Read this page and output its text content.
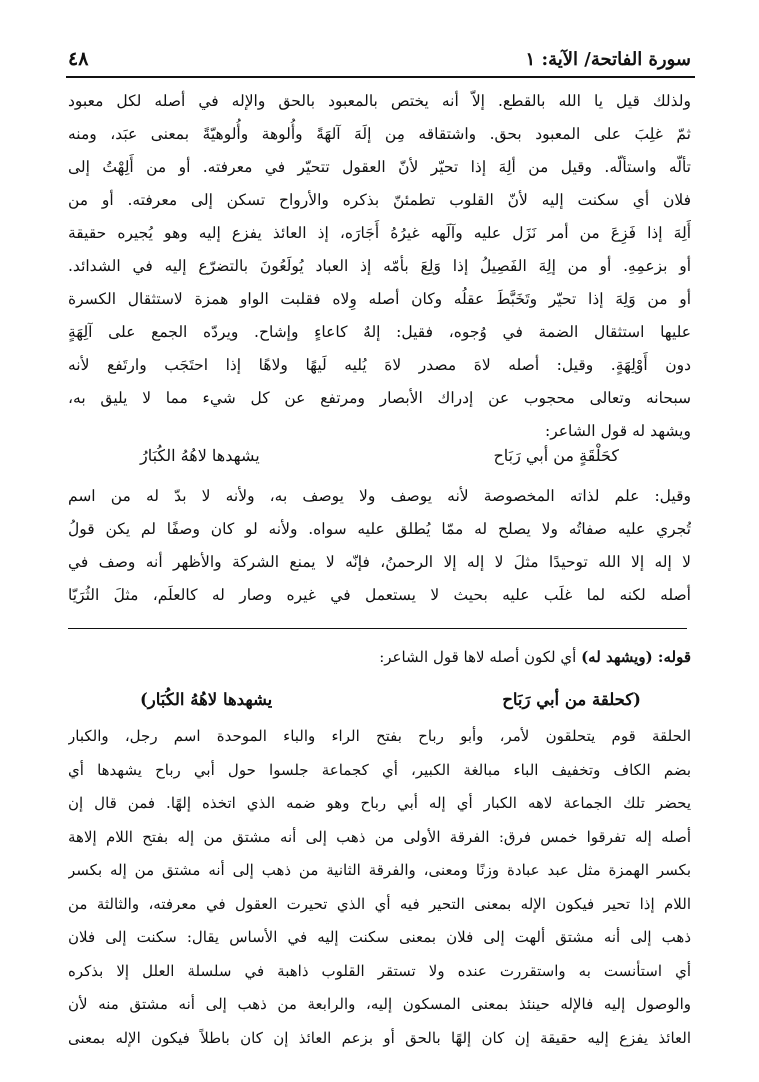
سورة الفاتحة/ الآية: ١
٤٨
ولذلك قيل يا الله بالقطع. إلاّ أنه يختص بالمعبود بالحق والإله في أصله لكل معبود
ثمّ غلِبَ على المعبود بحق. واشتقاقه مِن إلَهَ آلهَةً وأُلوهة وأُلوهيّةً بمعنى عبَد، ومنه
تألّه واستألّه. وقيل من ألِهَ إذا تحيّر لأنّ العقول تتحيّر في معرفته. أو من أَلِهْتُ إلى
فلان أي سكنت إليه لأنّ القلوب تطمئنّ بذكره والأرواح تسكن إلى معرفته. أو من
أَلِهَ إذا فَزِعَ من أمر نَزَل عليه وآلَهه غيرُهُ أَجَارَه، إذ العائذ يفزع إليه وهو يُجيره حقيقة
أو بزعمِهِ. أو من إلِهَ الفَصِيلُ إذا وَلِعَ بأمّه إذ العباد يُولَعُونَ بالتضرّع إليه في الشدائد.
أو من وَلِهَ إذا تحيّر وتَخَبَّطَ عقلُه وكان أصله وِلاه فقلبت الواو همزة لاستثقال الكسرة
عليها استثقال الضمة في وُجوه، فقيل: إلهٌ كاعاءٍ وإشاح. ويردّه الجمع على آلِهَةٍ
دون أَوْلِهَةٍ. وقيل: أصله لاهَ مصدر لاهَ يُليه لَيهًا ولاهًا إذا احتَجَب وارتَفع لأنه
سبحانه وتعالى محجوب عن إدراك الأبصار ومرتفع عن كل شيء مما لا يليق به،
ويشهد له قول الشاعر:
كحَلْقَةٍ من أبي رَبَاح
يشهدها لاهُهُ الكُبَارُ
وقيل: علم لذاته المخصوصة لأنه يوصف ولا يوصف به، ولأنه لا بدّ له من اسم
تُجري عليه صفاتُه ولا يصلح له ممّا يُطلق عليه سواه. ولأنه لو كان وصفًا لم يكن قولُ
لا إله إلا الله توحيدًا مثلَ لا إله إلا الرحمنُ، فإنّه لا يمنع الشركة والأظهر أنه وصف في
أصله لكنه لما غلَب عليه بحيث لا يستعمل في غيره وصار له كالعلَم، مثلَ الثُرَيّا
قوله: (ويشهد له) أي لكون أصله لاها قول الشاعر:
(كحلقة من أبي رَبَاح
يشهدها لاهُهُ الكُبَار)
الحلقة قوم يتحلقون لأمر، وأبو رباح بفتح الراء والباء الموحدة اسم رجل، والكبار
بضم الكاف وتخفيف الباء مبالغة الكبير، أي كجماعة جلسوا حول أبي رباح يشهدها أي
يحضر تلك الجماعة لاهه الكبار أي إله أبي رباح وهو ضمه الذي اتخذه إلهًا. فمن قال إن
أصله إله تفرقوا خمس فرق: الفرقة الأولى من ذهب إلى أنه مشتق من إله بفتح اللام إلاهة
بكسر الهمزة مثل عبد عبادة وزنًا ومعنى، والفرقة الثانية من ذهب إلى أنه مشتق من إله بكسر
اللام إذا تحير فيكون الإله بمعنى التحير فيه أي الذي تحيرت العقول في معرفته، والثالثة من
ذهب إلى أنه مشتق ألهت إلى فلان بمعنى سكنت إليه في الأساس يقال: سكنت إلى فلان
أي استأنست به واستقررت عنده ولا تستقر القلوب ذاهبة في سلسلة العلل إلا بذكره
والوصول إليه فالإله حينئذ بمعنى المسكون إليه، والرابعة من ذهب إلى أنه مشتق منه لأن
العائذ يفزع إليه حقيقة إن كان إلهًا بالحق أو بزعم العائذ إن كان باطلاً فيكون الإله بمعنى
